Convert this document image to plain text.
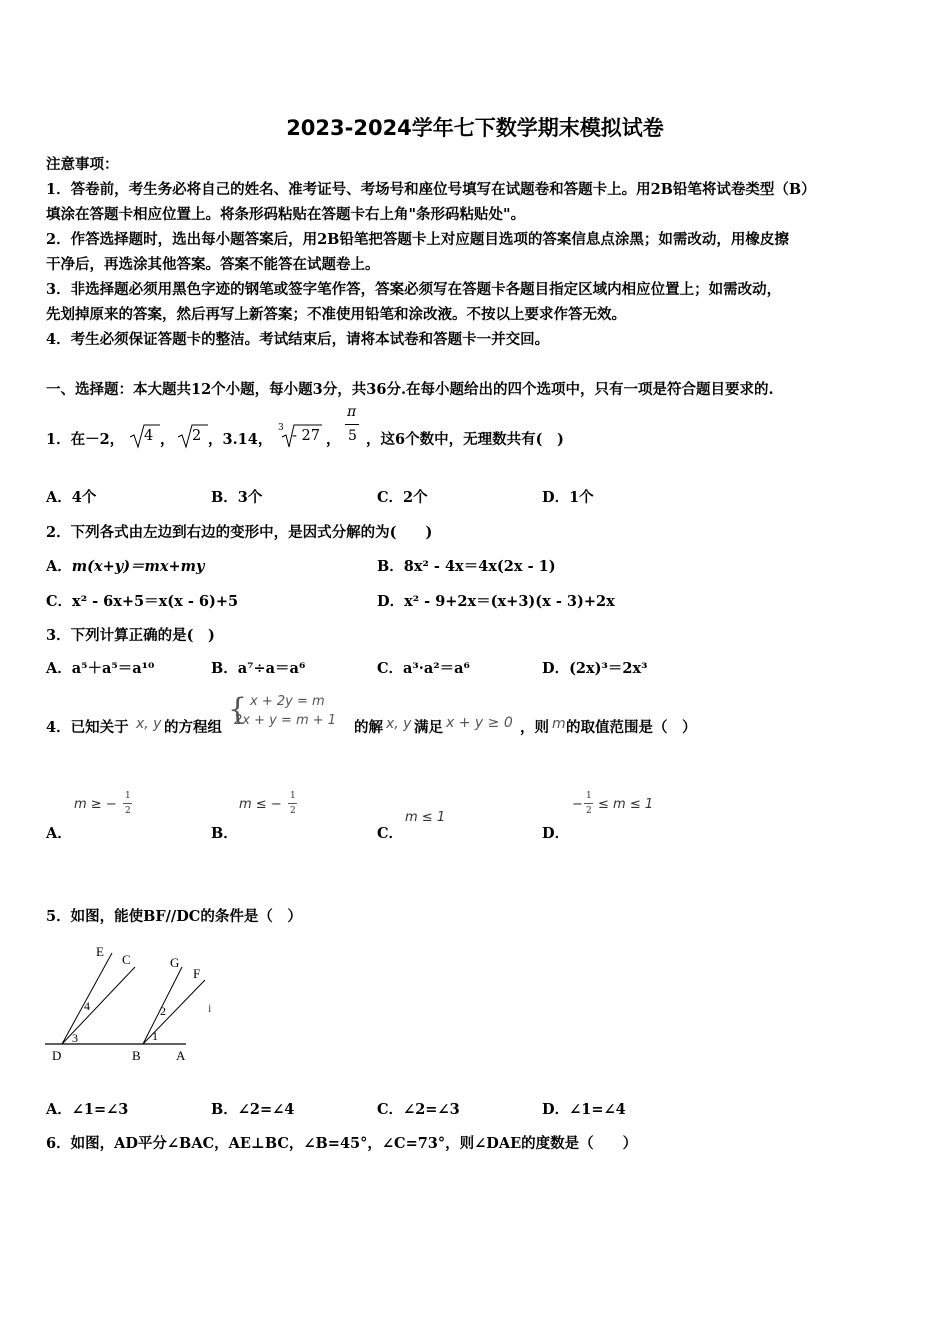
2023-2024学年七下数学期末模拟试卷
注意事项：
1．答卷前，考生务必将自己的姓名、准考证号、考场号和座位号填写在试题卷和答题卡上。用2B铅笔将试卷类型（B）
填涂在答题卡相应位置上。将条形码粘贴在答题卡右上角"条形码粘贴处"。
2．作答选择题时，选出每小题答案后，用2B铅笔把答题卡上对应题目选项的答案信息点涂黑；如需改动，用橡皮擦
干净后，再选涂其他答案。答案不能答在试题卷上。
3．非选择题必须用黑色字迹的钢笔或签字笔作答，答案必须写在答题卡各题目指定区域内相应位置上；如需改动，
先划掉原来的答案，然后再写上新答案；不准使用铅笔和涂改液。不按以上要求作答无效。
4．考生必须保证答题卡的整洁。考试结束后，请将本试卷和答题卡一并交回。
一、选择题：本大题共12个小题，每小题3分，共36分.在每小题给出的四个选项中，只有一项是符合题目要求的.
1．在－2， 4 ， 2 ，3.14，
3 - 27 ，
π
5 ，这6个数中，无理数共有(　)
A．4个	B．3个	C．2个	D．1个
2．下列各式由左边到右边的变形中，是因式分解的为(　　)
A．m(x+y)＝mx+my	B．8x² - 4x＝4x(2x - 1)
C．x² - 6x+5＝x(x - 6)+5	D．x² - 9+2x＝(x+3)(x - 3)+2x
3．下列计算正确的是(　)
A．a⁵＋a⁵＝a¹⁰	B．a⁷÷a＝a⁶	C．a³·a²＝a⁶	D．(2x)³＝2x³
4．已知关于 x, y 的方程组
{ x + 2y = m
2x + y = m + 1 的解 x, y 满足 x + y ≥ 0 ，则 m 的取值范围是（　）
A．
m ≥ −
1
2
B．
m ≤ −
1
2
C．
m ≤ 1
D．
−
1
2 ≤ m ≤ 1
5．如图，能使BF//DC的条件是（　）
E
C	G
F
D	B	A
4
3
2
1
i
A．∠1=∠3	B．∠2=∠4	C．∠2=∠3	D．∠1=∠4
6．如图，AD平分∠BAC，AE⊥BC，∠B=45°，∠C=73°，则∠DAE的度数是（　　）
